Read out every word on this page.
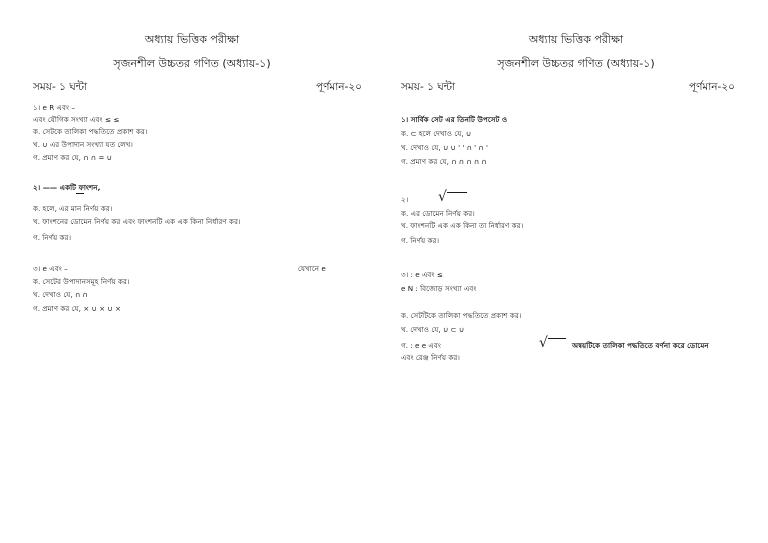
অধ্যায় ভিত্তিক পরীক্ষা
সৃজনশীল উচ্চতর গণিত (অধ্যায়-১)
সময়- ১ ঘন্টা	পূর্ণমান-২০
১। e R এবং –
এবং যৌগিক সংখ্যা এবং ≤ ≤
ক. সেটকে তালিকা পদ্ধতিতে প্রকাশ কর।
খ. ∪ এর উপাদান সংখ্যা যত লেখ।
গ. প্রমাণ কর যে, ∩ ∩ = ∪
২। —— একটি ফাংশন,
ক. হলে, এর মান নির্ণয় কর।
খ. ফাংশনের ডোমেন নির্ণয় কর এবং ফাংশনটি এক এক কিনা নির্ধারণ কর।
গ. নির্ণয় কর।
৩। e এবং –	যেখানে e
ক. সেটের উপাদানসমূহ নির্ণয় কর।
খ. দেখাও যে, ∩ ∩
গ. প্রমাণ কর যে, × ∪ × ∪ ×
অধ্যায় ভিত্তিক পরীক্ষা
সৃজনশীল উচ্চতর গণিত (অধ্যায়-১)
সময়- ১ ঘন্টা	পূর্ণমান-২০
১। সার্বিক সেট এর তিনটি উপসেট ও
ক. ⊂ হলে দেখাও যে, ∪
খ. দেখাও যে, ∪ ∪ ' ' ∩ ' ∩ '
গ. প্রমাণ কর যে, ∩ ∩ ∩ ∩ ∩
২। √
ক. এর ডোমেন নির্ণয় কর।
খ. ফাংশনটি এক এক কিনা তা নির্ধারণ কর।
গ. নির্ণয় কর।
৩। : e এবং ≤
e N : বিজোড় সংখ্যা এবং
ক. সেটটিকে তালিকা পদ্ধতিতে প্রকাশ কর।
খ. দেখাও যে, ∪ ⊂ ∪
গ. : e e এবং	√	অন্বয়টিকে তালিকা পদ্ধতিতে বর্ণনা করে ডোমেন
এবং রেঞ্জ নির্ণয় কর।
